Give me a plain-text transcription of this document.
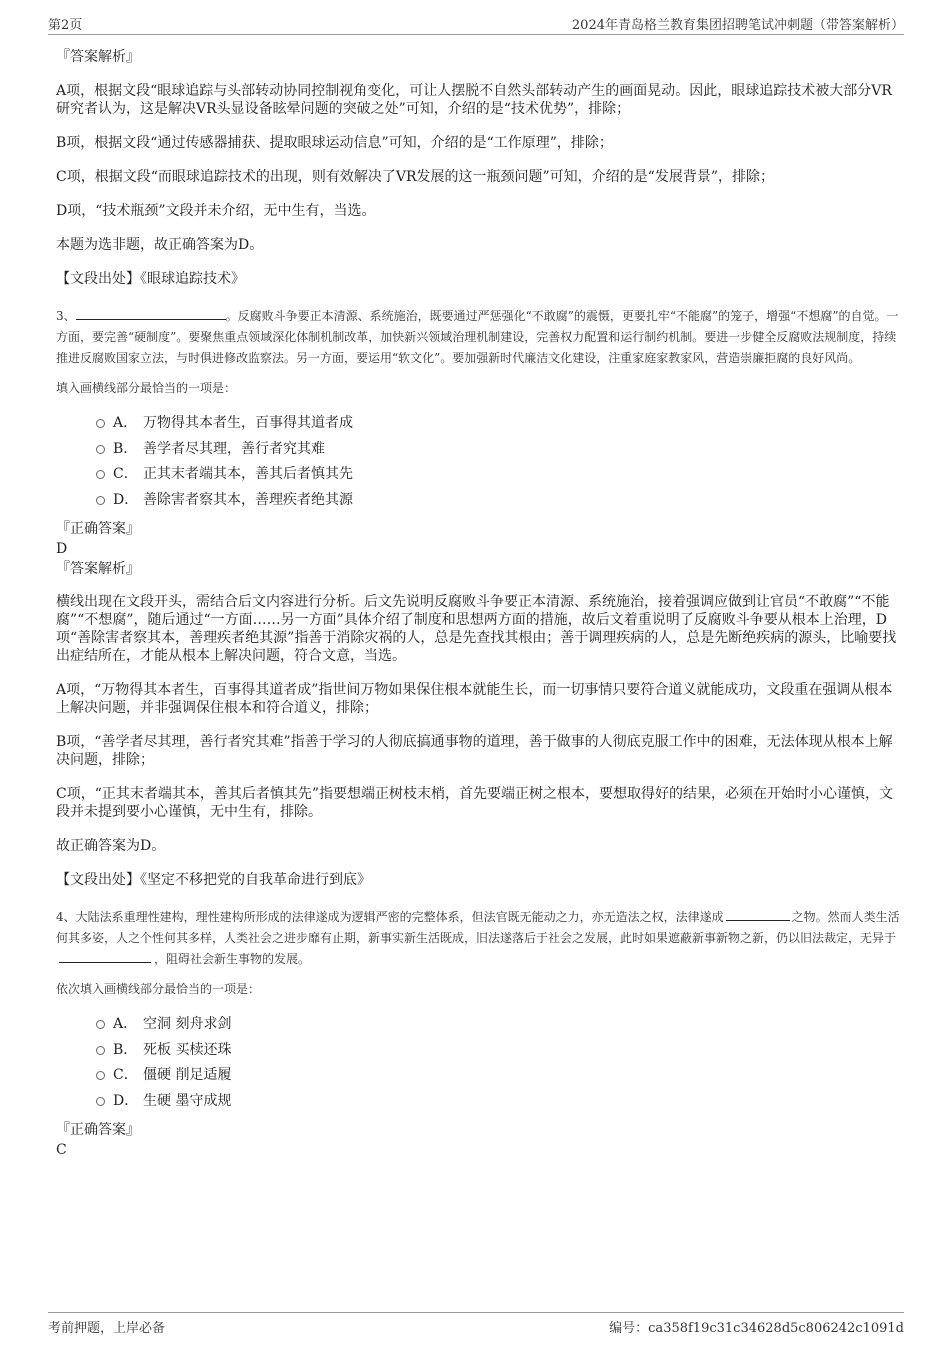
第2页	2024年青岛格兰教育集团招聘笔试冲刺题（带答案解析）

『答案解析』

A项，根据文段“眼球追踪与头部转动协同控制视角变化，可让人摆脱不自然头部转动产生的画面晃动。因此，眼球追踪技术被大部分VR研究者认为，这是解决VR头显设备眩晕问题的突破之处”可知，介绍的是“技术优势”，排除；

B项，根据文段“通过传感器捕获、提取眼球运动信息”可知，介绍的是“工作原理”，排除；

C项，根据文段“而眼球追踪技术的出现，则有效解决了VR发展的这一瓶颈问题”可知，介绍的是“发展背景”，排除；

D项，“技术瓶颈”文段并未介绍，无中生有，当选。

本题为选非题，故正确答案为D。

【文段出处】《眼球追踪技术》

3、	。反腐败斗争要正本清源、系统施治，既要通过严惩强化“不敢腐”的震慑，更要扎牢“不能腐”的笼子，增强“不想腐”的自觉。一方面，要完善“硬制度”。要聚焦重点领域深化体制机制改革，加快新兴领域治理机制建设，完善权力配置和运行制约机制。要进一步健全反腐败法规制度，持续推进反腐败国家立法，与时俱进修改监察法。另一方面，要运用“软文化”。要加强新时代廉洁文化建设，注重家庭家教家风，营造崇廉拒腐的良好风尚。

填入画横线部分最恰当的一项是：

A． 万物得其本者生，百事得其道者成
B． 善学者尽其理，善行者究其难
C． 正其末者端其本，善其后者慎其先
D． 善除害者察其本，善理疾者绝其源

『正确答案』

D

『答案解析』

横线出现在文段开头，需结合后文内容进行分析。后文先说明反腐败斗争要正本清源、系统施治，接着强调应做到让官员“不敢腐”“不能腐”“不想腐”，随后通过“一方面……另一方面”具体介绍了制度和思想两方面的措施，故后文着重说明了反腐败斗争要从根本上治理，D项“善除害者察其本，善理疾者绝其源”指善于消除灾祸的人，总是先查找其根由；善于调理疾病的人，总是先断绝疾病的源头，比喻要找出症结所在，才能从根本上解决问题，符合文意，当选。

A项，“万物得其本者生，百事得其道者成”指世间万物如果保住根本就能生长，而一切事情只要符合道义就能成功，文段重在强调从根本上解决问题，并非强调保住根本和符合道义，排除；

B项，“善学者尽其理，善行者究其难”指善于学习的人彻底搞通事物的道理，善于做事的人彻底克服工作中的困难，无法体现从根本上解决问题，排除；

C项，“正其末者端其本，善其后者慎其先”指要想端正树枝末梢，首先要端正树之根本，要想取得好的结果，必须在开始时小心谨慎，文段并未提到要小心谨慎，无中生有，排除。

故正确答案为D。

【文段出处】《坚定不移把党的自我革命进行到底》

4、大陆法系重理性建构，理性建构所形成的法律遂成为逻辑严密的完整体系，但法官既无能动之力，亦无造法之权，法律遂成	之物。然而人类生活何其多姿，人之个性何其多样，人类社会之进步靡有止期，新事实新生活既成，旧法遂落后于社会之发展，此时如果遮蔽新事新物之新，仍以旧法裁定，无异于，阻碍社会新生事物的发展。

依次填入画横线部分最恰当的一项是：

A． 空洞 刻舟求剑
B． 死板 买椟还珠
C． 僵硬 削足适履
D． 生硬 墨守成规

『正确答案』

C

考前押题，上岸必备	编号：ca358f19c31c34628d5c806242c1091d
